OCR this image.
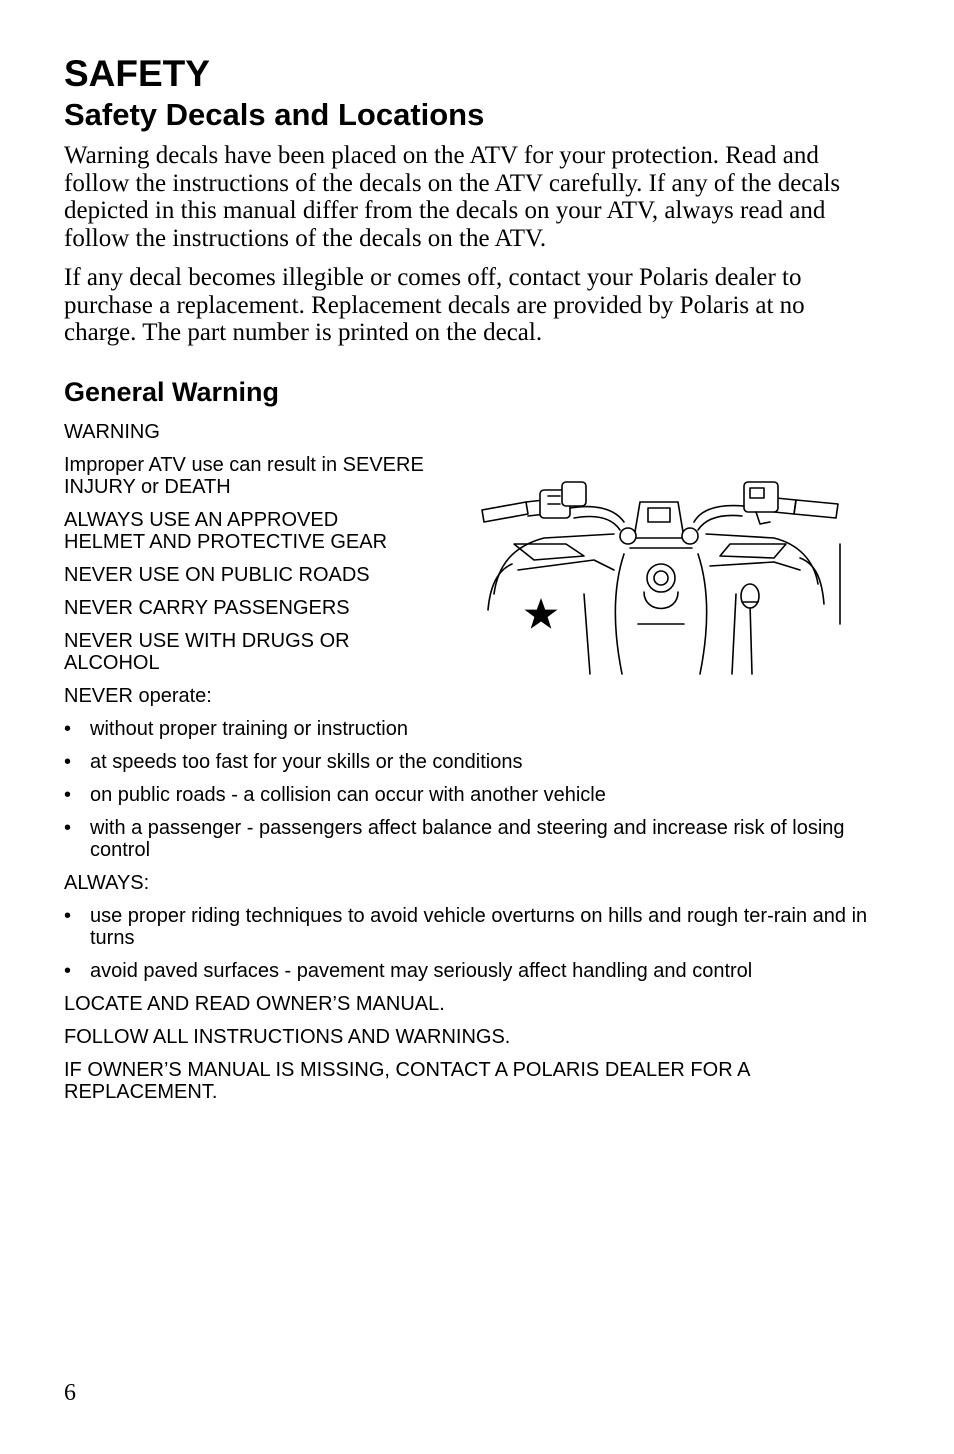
SAFETY
Safety Decals and Locations

Warning decals have been placed on the ATV for your protection. Read and follow the instructions of the decals on the ATV carefully. If any of the decals depicted in this manual differ from the decals on your ATV, always read and follow the instructions of the decals on the ATV.

If any decal becomes illegible or comes off, contact your Polaris dealer to purchase a replacement. Replacement decals are provided by Polaris at no charge. The part number is printed on the decal.

General Warning
WARNING
Improper ATV use can result in SEVERE INJURY or DEATH
ALWAYS USE AN APPROVED HELMET AND PROTECTIVE GEAR
NEVER USE ON PUBLIC ROADS
NEVER CARRY PASSENGERS
NEVER USE WITH DRUGS OR ALCOHOL
NEVER operate:
• without proper training or instruction
• at speeds too fast for your skills or the conditions
• on public roads - a collision can occur with another vehicle
• with a passenger - passengers affect balance and steering and increase risk of losing control
ALWAYS:
• use proper riding techniques to avoid vehicle overturns on hills and rough ter-rain and in turns
• avoid paved surfaces - pavement may seriously affect handling and control
LOCATE AND READ OWNER’S MANUAL.
FOLLOW ALL INSTRUCTIONS AND WARNINGS.
IF OWNER’S MANUAL IS MISSING, CONTACT A POLARIS DEALER FOR A REPLACEMENT.
6
